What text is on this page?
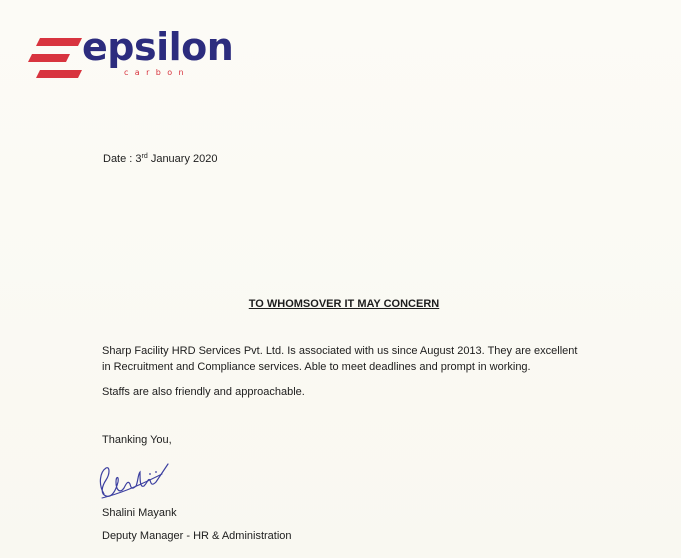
epsilon
carbon

Date : 3rd January 2020

TO WHOMSOVER IT MAY CONCERN

Sharp Facility HRD Services Pvt. Ltd. Is associated with us since August 2013. They are excellent in Recruitment and Compliance services. Able to meet deadlines and prompt in working.

Staffs are also friendly and approachable.

Thanking You,

Shalini Mayank

Deputy Manager - HR & Administration
